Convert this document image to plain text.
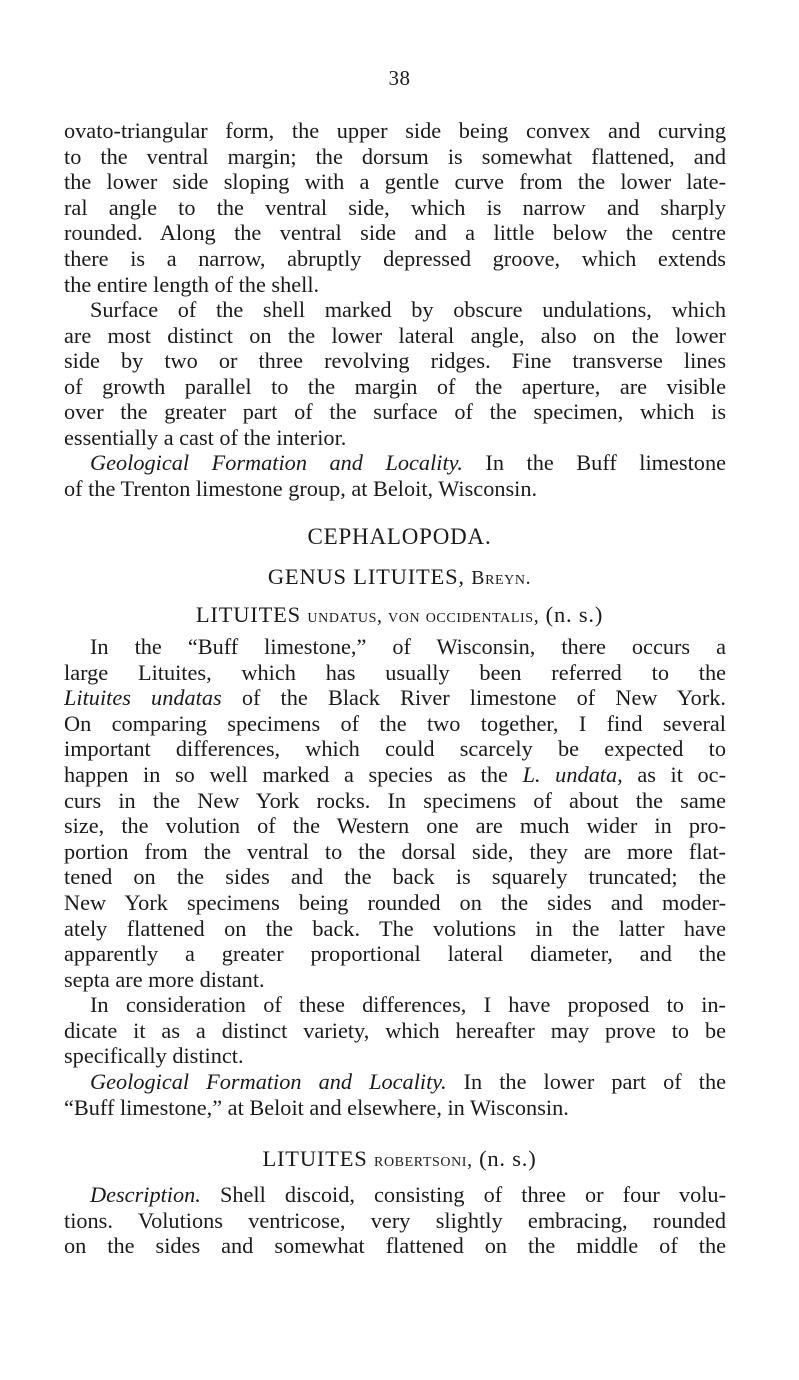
38
ovato-triangular form, the upper side being convex and curving
to the ventral margin; the dorsum is somewhat flattened, and
the lower side sloping with a gentle curve from the lower late-
ral angle to the ventral side, which is narrow and sharply
rounded. Along the ventral side and a little below the centre
there is a narrow, abruptly depressed groove, which extends
the entire length of the shell.
Surface of the shell marked by obscure undulations, which
are most distinct on the lower lateral angle, also on the lower
side by two or three revolving ridges. Fine transverse lines
of growth parallel to the margin of the aperture, are visible
over the greater part of the surface of the specimen, which is
essentially a cast of the interior.
Geological Formation and Locality. In the Buff limestone
of the Trenton limestone group, at Beloit, Wisconsin.
CEPHALOPODA.
GENUS LITUITES, Breyn.
LITUITES undatus, von occidentalis, (n. s.)
In the “Buff limestone,” of Wisconsin, there occurs a
large Lituites, which has usually been referred to the
Lituites undatas of the Black River limestone of New York.
On comparing specimens of the two together, I find several
important differences, which could scarcely be expected to
happen in so well marked a species as the L. undata, as it oc-
curs in the New York rocks. In specimens of about the same
size, the volution of the Western one are much wider in pro-
portion from the ventral to the dorsal side, they are more flat-
tened on the sides and the back is squarely truncated; the
New York specimens being rounded on the sides and moder-
ately flattened on the back. The volutions in the latter have
apparently a greater proportional lateral diameter, and the
septa are more distant.
In consideration of these differences, I have proposed to in-
dicate it as a distinct variety, which hereafter may prove to be
specifically distinct.
Geological Formation and Locality. In the lower part of the
“Buff limestone,” at Beloit and elsewhere, in Wisconsin.
LITUITES robertsoni, (n. s.)
Description. Shell discoid, consisting of three or four volu-
tions. Volutions ventricose, very slightly embracing, rounded
on the sides and somewhat flattened on the middle of the
